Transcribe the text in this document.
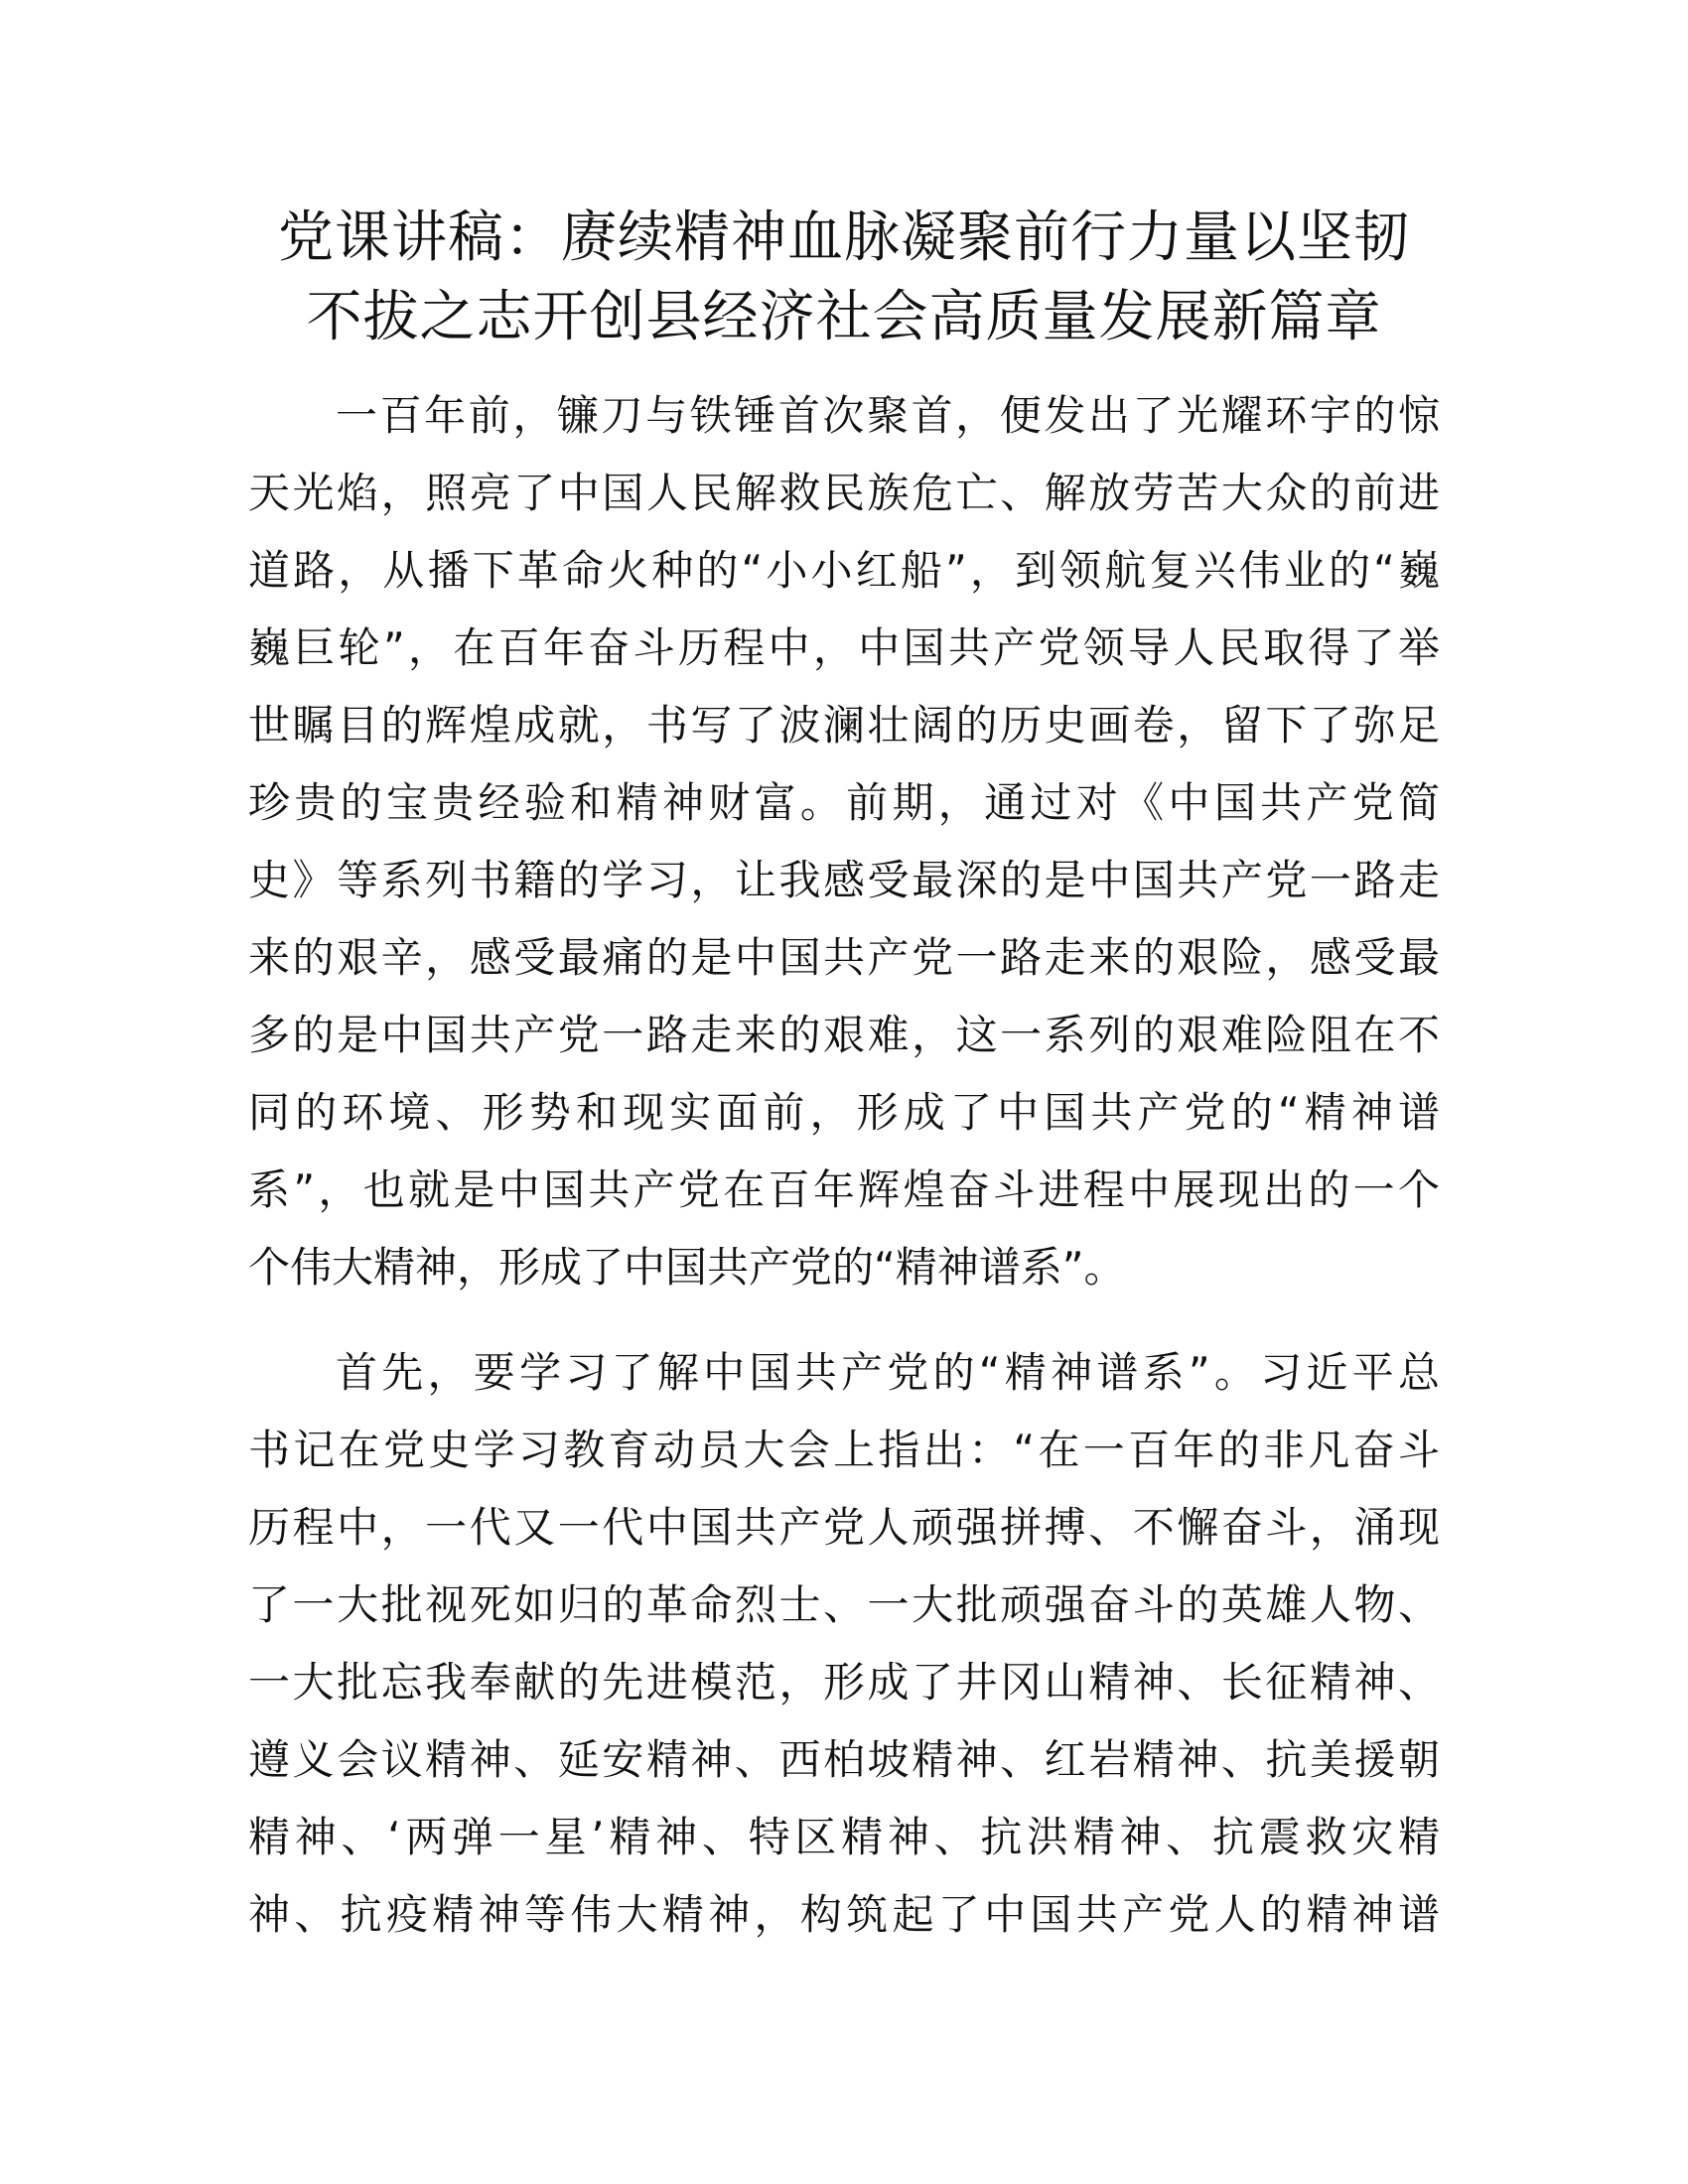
党课讲稿：赓续精神血脉凝聚前行力量以坚韧
不拔之志开创县经济社会高质量发展新篇章
一百年前，镰刀与铁锤首次聚首，便发出了光耀环宇的惊
天光焰，照亮了中国人民解救民族危亡、解放劳苦大众的前进
道路，从播下革命火种的“小小红船”，到领航复兴伟业的“巍
巍巨轮”，在百年奋斗历程中，中国共产党领导人民取得了举
世瞩目的辉煌成就，书写了波澜壮阔的历史画卷，留下了弥足
珍贵的宝贵经验和精神财富。前期，通过对《中国共产党简
史》等系列书籍的学习，让我感受最深的是中国共产党一路走
来的艰辛，感受最痛的是中国共产党一路走来的艰险，感受最
多的是中国共产党一路走来的艰难，这一系列的艰难险阻在不
同的环境、形势和现实面前，形成了中国共产党的“精神谱
系”，也就是中国共产党在百年辉煌奋斗进程中展现出的一个
个伟大精神，形成了中国共产党的“精神谱系”。
首先，要学习了解中国共产党的“精神谱系”。习近平总
书记在党史学习教育动员大会上指出：“在一百年的非凡奋斗
历程中，一代又一代中国共产党人顽强拼搏、不懈奋斗，涌现
了一大批视死如归的革命烈士、一大批顽强奋斗的英雄人物、
一大批忘我奉献的先进模范，形成了井冈山精神、长征精神、
遵义会议精神、延安精神、西柏坡精神、红岩精神、抗美援朝
精神、‘两弹一星’精神、特区精神、抗洪精神、抗震救灾精
神、抗疫精神等伟大精神，构筑起了中国共产党人的精神谱
